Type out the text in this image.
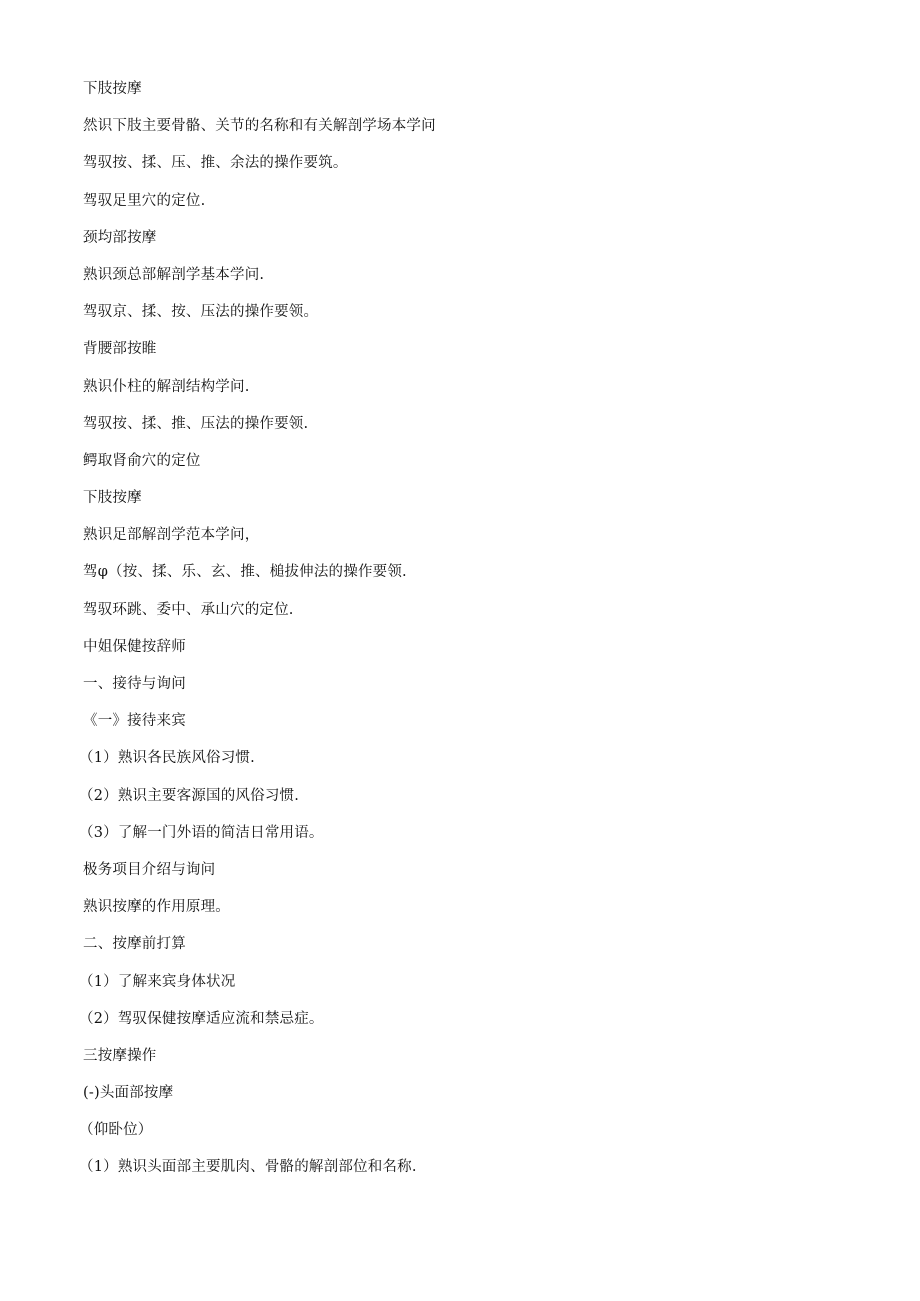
下肢按摩
然识下肢主要骨骼、关节的名称和有关解剖学场本学问
驾驭按、揉、压、推、余法的操作要筑。
驾驭足里穴的定位.
颈均部按摩
熟识颈总部解剖学基本学问.
驾驭京、揉、按、压法的操作要领。
背腰部按睢
熟识仆柱的解剖结构学问.
驾驭按、揉、推、压法的操作要领.
鳄取肾俞穴的定位
下肢按摩
熟识足部解剖学范本学问，
驾φ（按、揉、乐、玄、推、槌拔伸法的操作要领.
驾驭环跳、委中、承山穴的定位.
中姐保健按辞师
一、接待与询问
《一》接待来宾
（1）熟识各民族风俗习惯.
（2）熟识主要客源国的风俗习惯.
（3）了解一门外语的简洁日常用语。
极务项目介绍与询问
熟识按摩的作用原理。
二、按摩前打算
（1）了解来宾身体状况
（2）驾驭保健按摩适应流和禁忌症。
三按摩操作
(-)头面部按摩
（仰卧位）
（1）熟识头面部主要肌肉、骨骼的解剖部位和名称.
